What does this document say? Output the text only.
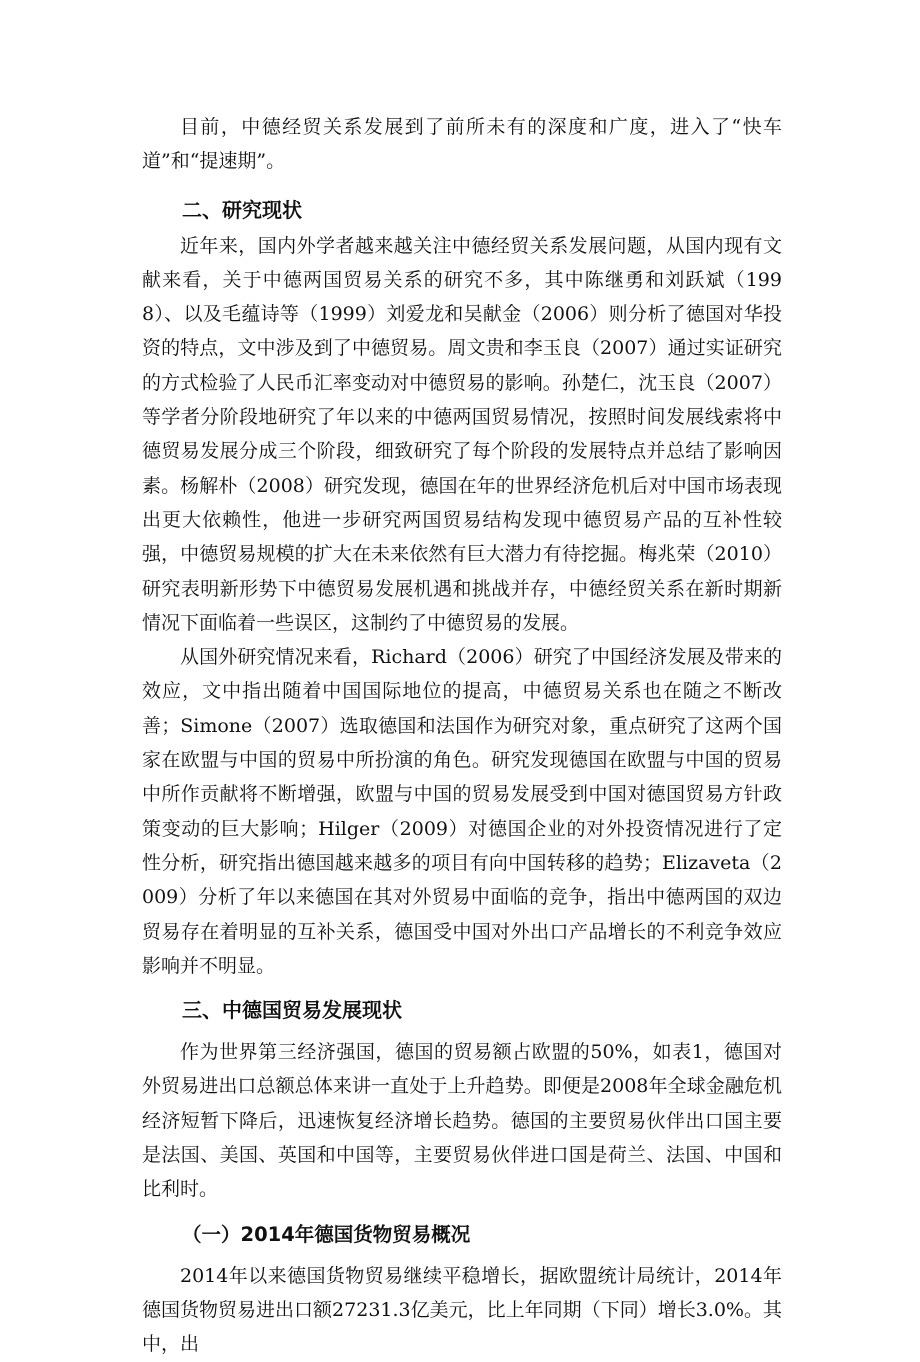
目前，中德经贸关系发展到了前所未有的深度和广度，进入了“快车道”和“提速期”。

二、研究现状

近年来，国内外学者越来越关注中德经贸关系发展问题，从国内现有文献来看，关于中德两国贸易关系的研究不多，其中陈继勇和刘跃斌（1998）、以及毛蕴诗等（1999）刘爱龙和吴献金（2006）则分析了德国对华投资的特点，文中涉及到了中德贸易。周文贵和李玉良（2007）通过实证研究的方式检验了人民币汇率变动对中德贸易的影响。孙楚仁，沈玉良（2007）等学者分阶段地研究了年以来的中德两国贸易情况，按照时间发展线索将中德贸易发展分成三个阶段，细致研究了每个阶段的发展特点并总结了影响因素。杨解朴（2008）研究发现，德国在年的世界经济危机后对中国市场表现出更大依赖性，他进一步研究两国贸易结构发现中德贸易产品的互补性较强，中德贸易规模的扩大在未来依然有巨大潜力有待挖掘。梅兆荣（2010）研究表明新形势下中德贸易发展机遇和挑战并存，中德经贸关系在新时期新情况下面临着一些误区，这制约了中德贸易的发展。

从国外研究情况来看，Richard（2006）研究了中国经济发展及带来的效应，文中指出随着中国国际地位的提高，中德贸易关系也在随之不断改善；Simone（2007）选取德国和法国作为研究对象，重点研究了这两个国家在欧盟与中国的贸易中所扮演的角色。研究发现德国在欧盟与中国的贸易中所作贡献将不断增强，欧盟与中国的贸易发展受到中国对德国贸易方针政策变动的巨大影响；Hilger（2009）对德国企业的对外投资情况进行了定性分析，研究指出德国越来越多的项目有向中国转移的趋势；Elizaveta（2009）分析了年以来德国在其对外贸易中面临的竞争，指出中德两国的双边贸易存在着明显的互补关系，德国受中国对外出口产品增长的不利竞争效应影响并不明显。

三、中德国贸易发展现状

作为世界第三经济强国，德国的贸易额占欧盟的50%，如表1，德国对外贸易进出口总额总体来讲一直处于上升趋势。即便是2008年全球金融危机经济短暂下降后，迅速恢复经济增长趋势。德国的主要贸易伙伴出口国主要是法国、美国、英国和中国等，主要贸易伙伴进口国是荷兰、法国、中国和比利时。

（一）2014年德国货物贸易概况

2014年以来德国货物贸易继续平稳增长，据欧盟统计局统计，2014年德国货物贸易进出口额27231.3亿美元，比上年同期（下同）增长3.0%。其中，出
